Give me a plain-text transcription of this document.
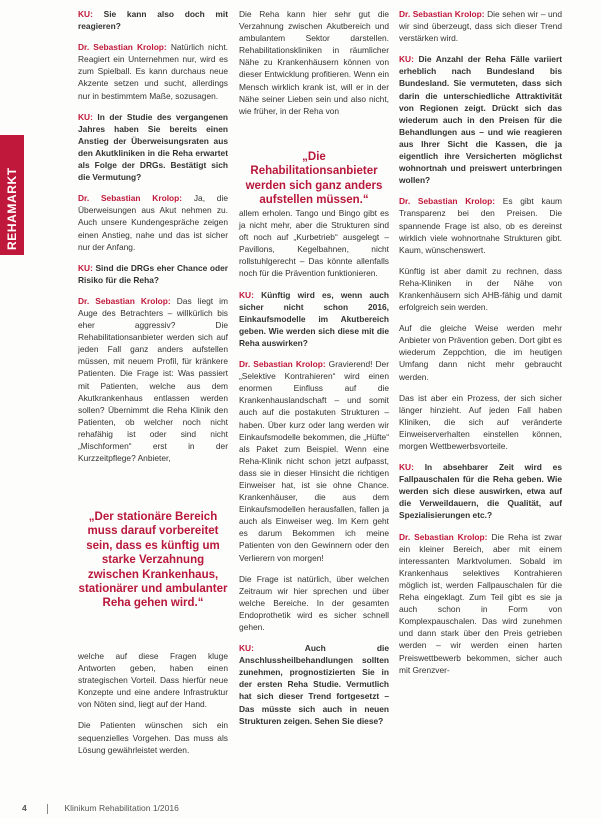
REHAMARKT

KU: Sie kann also doch mit reagieren?

Dr. Sebastian Krolop: Natürlich nicht. Reagiert ein Unternehmen nur, wird es zum Spielball. Es kann durchaus neue Akzente setzen und sucht, allerdings nur in bestimmtem Maße, sozusagen.

KU: In der Studie des vergangenen Jahres haben Sie bereits einen Anstieg der Überweisungsraten aus den Akutkliniken in die Reha erwartet als Folge der DRGs. Bestätigt sich die Vermutung?

Dr. Sebastian Krolop: Ja, die Überweisungen aus Akut nehmen zu. Auch unsere Kundengespräche zeigen einen Anstieg, nahe und das ist sicher nur der Anfang.

KU: Sind die DRGs eher Chance oder Risiko für die Reha?

Dr. Sebastian Krolop: Das liegt im Auge des Betrachters – willkürlich bis eher aggressiv? Die Rehabilitationsanbieter werden sich auf jeden Fall ganz anders aufstellen müssen, mit neuem Profil, für kränkere Patienten. Die Frage ist: Was passiert mit Patienten, welche aus dem Akutkrankenhaus entlassen werden sollen? Übernimmt die Reha Klinik den Patienten, ob welcher noch nicht rehafähig ist oder sind nicht „Mischformen“ erst in der Kurzzeitpflege? Anbieter,

„Der stationäre Bereich muss darauf vorbereitet sein, dass es künftig um starke Verzahnung zwischen Krankenhaus, stationärer und ambulanter Reha gehen wird.“

welche auf diese Fragen kluge Antworten geben, haben einen strategischen Vorteil. Dass hierfür neue Konzepte und eine andere Infrastruktur von Nöten sind, liegt auf der Hand.

Die Patienten wünschen sich ein sequenzielles Vorgehen. Das muss als Lösung gewährleistet werden.

Die Reha kann hier sehr gut die Verzahnung zwischen Akutbereich und ambulantem Sektor darstellen. Rehabilitationskliniken in räumlicher Nähe zu Krankenhäusern können von dieser Entwicklung profitieren. Wenn ein Mensch wirklich krank ist, will er in der Nähe seiner Lieben sein und also nicht, wie früher, in der Reha von

„Die Rehabilitationsanbieter werden sich ganz anders aufstellen müssen.“

allem erholen. Tango und Bingo gibt es ja nicht mehr, aber die Strukturen sind oft noch auf „Kurbetrieb“ ausgelegt – Pavillons, Kegelbahnen, nicht rollstuhlgerecht – Das könnte allenfalls noch für die Prävention funktionieren.

KU: Künftig wird es, wenn auch sicher nicht schon 2016, Einkaufsmodelle im Akutbereich geben. Wie werden sich diese mit die Reha auswirken?

Dr. Sebastian Krolop: Gravierend! Der „Selektive Kontrahieren“ wird einen enormen Einfluss auf die Krankenhauslandschaft – und somit auch auf die postakuten Strukturen – haben. Über kurz oder lang werden wir Einkaufsmodelle bekommen, die „Hüfte“ als Paket zum Beispiel. Wenn eine Reha-Klinik nicht schon jetzt aufpasst, dass sie in dieser Hinsicht die richtigen Einweiser hat, ist sie ohne Chance. Krankenhäuser, die aus dem Einkaufsmodellen herausfallen, fallen ja auch als Einweiser weg. Im Kern geht es darum Bekommen ich meine Patienten von den Gewinnern oder den Verlierern von morgen!

Die Frage ist natürlich, über welchen Zeitraum wir hier sprechen und über welche Bereiche. In der gesamten Endoprothetik wird es sicher schnell gehen.

KU: Auch die Anschlussheilbehandlungen sollten zunehmen, prognostizierten Sie in der ersten Reha Studie. Vermutlich hat sich dieser Trend fortgesetzt – Das müsste sich auch in neuen Strukturen zeigen. Sehen Sie diese?

Dr. Sebastian Krolop: Die sehen wir – und wir sind überzeugt, dass sich dieser Trend verstärken wird.

KU: Die Anzahl der Reha Fälle variiert erheblich nach Bundesland bis Bundesland. Sie vermuteten, dass sich darin die unterschiedliche Attraktivität von Regionen zeigt. Drückt sich das wiederum auch in den Preisen für die Behandlungen aus – und wie reagieren aus Ihrer Sicht die Kassen, die ja eigentlich ihre Versicherten möglichst wohnortnah und preiswert unterbringen wollen?

Dr. Sebastian Krolop: Es gibt kaum Transparenz bei den Preisen. Die spannende Frage ist also, ob es dereinst wirklich viele wohnortnahe Strukturen gibt. Kaum, wünschenswert.

Künftig ist aber damit zu rechnen, dass Reha-Kliniken in der Nähe von Krankenhäusern sich AHB-fähig und damit erfolgreich sein werden.

Auf die gleiche Weise werden mehr Anbieter von Prävention geben. Dort gibt es wiederum Zeppchtion, die im heutigen Umfang dann nicht mehr gebraucht werden.

Das ist aber ein Prozess, der sich sicher länger hinzieht. Auf jeden Fall haben Kliniken, die sich auf veränderte Einweiserverhalten einstellen können, morgen Wettbewerbsvorteile.

KU: In absehbarer Zeit wird es Fallpauschalen für die Reha geben. Wie werden sich diese auswirken, etwa auf die Verweildauern, die Qualität, auf Spezialisierungen etc.?

Dr. Sebastian Krolop: Die Reha ist zwar ein kleiner Bereich, aber mit einem interessanten Marktvolumen. Sobald im Krankenhaus selektives Kontrahieren möglich ist, werden Fallpauschalen für die Reha eingeklagt. Zum Teil gibt es sie ja auch schon in Form von Komplexpauschalen. Das wird zunehmen und dann stark über den Preis getrieben werden – wir werden einen harten Preiswettbewerb bekommen, sicher auch mit Grenzver-

4	Klinikum Rehabilitation 1/2016
